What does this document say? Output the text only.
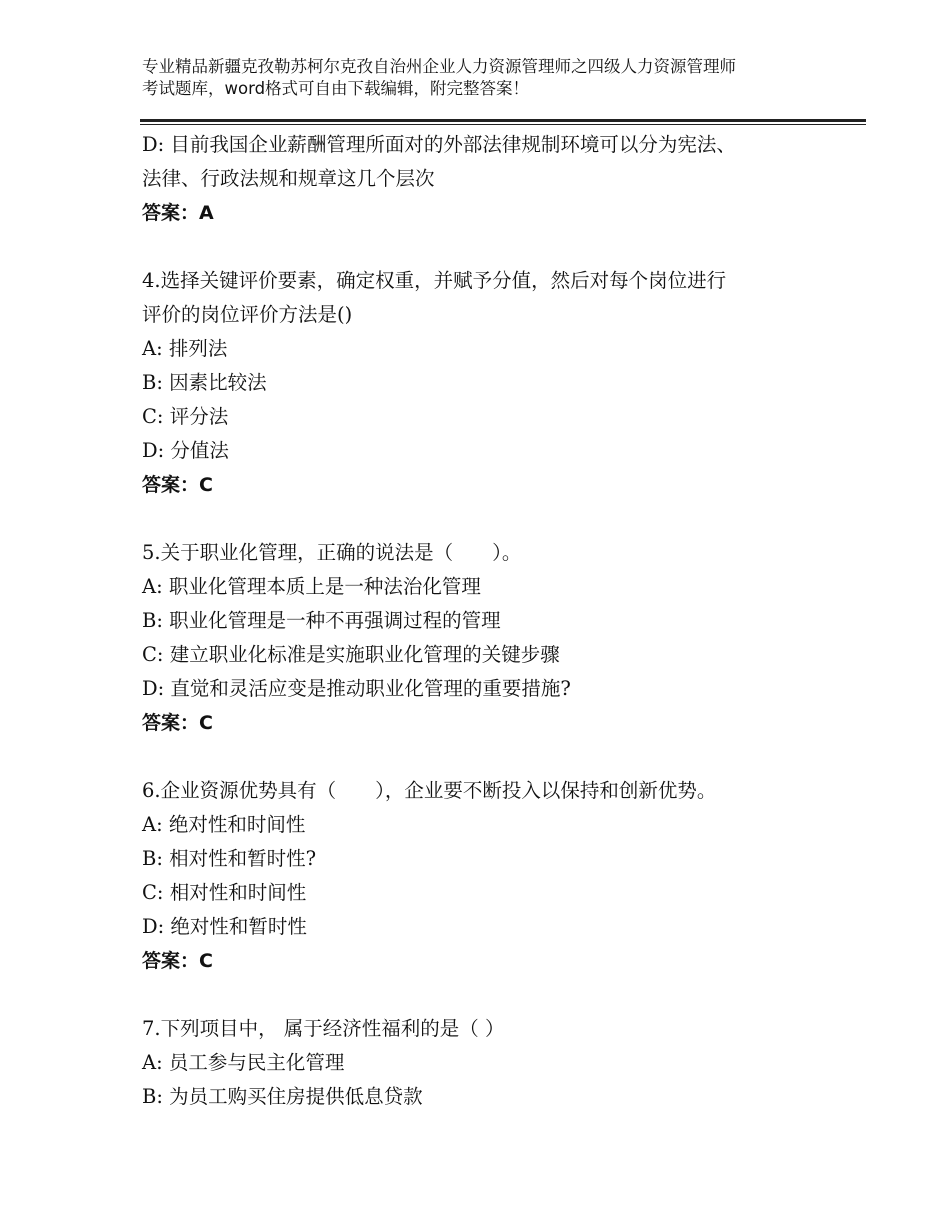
专业精品新疆克孜勒苏柯尔克孜自治州企业人力资源管理师之四级人力资源管理师
考试题库，word格式可自由下载编辑，附完整答案！
D: 目前我国企业薪酬管理所面对的外部法律规制环境可以分为宪法、
法律、行政法规和规章这几个层次
答案：A
4.选择关键评价要素，确定权重，并赋予分值，然后对每个岗位进行
评价的岗位评价方法是()
A: 排列法
B: 因素比较法
C: 评分法
D: 分值法
答案：C
5.关于职业化管理，正确的说法是（　　）。
A: 职业化管理本质上是一种法治化管理
B: 职业化管理是一种不再强调过程的管理
C: 建立职业化标准是实施职业化管理的关键步骤
D: 直觉和灵活应变是推动职业化管理的重要措施?
答案：C
6.企业资源优势具有（　　），企业要不断投入以保持和创新优势。
A: 绝对性和时间性
B: 相对性和暂时性?
C: 相对性和时间性
D: 绝对性和暂时性
答案：C
7.下列项目中， 属于经济性福利的是（ ）
A: 员工参与民主化管理
B: 为员工购买住房提供低息贷款
